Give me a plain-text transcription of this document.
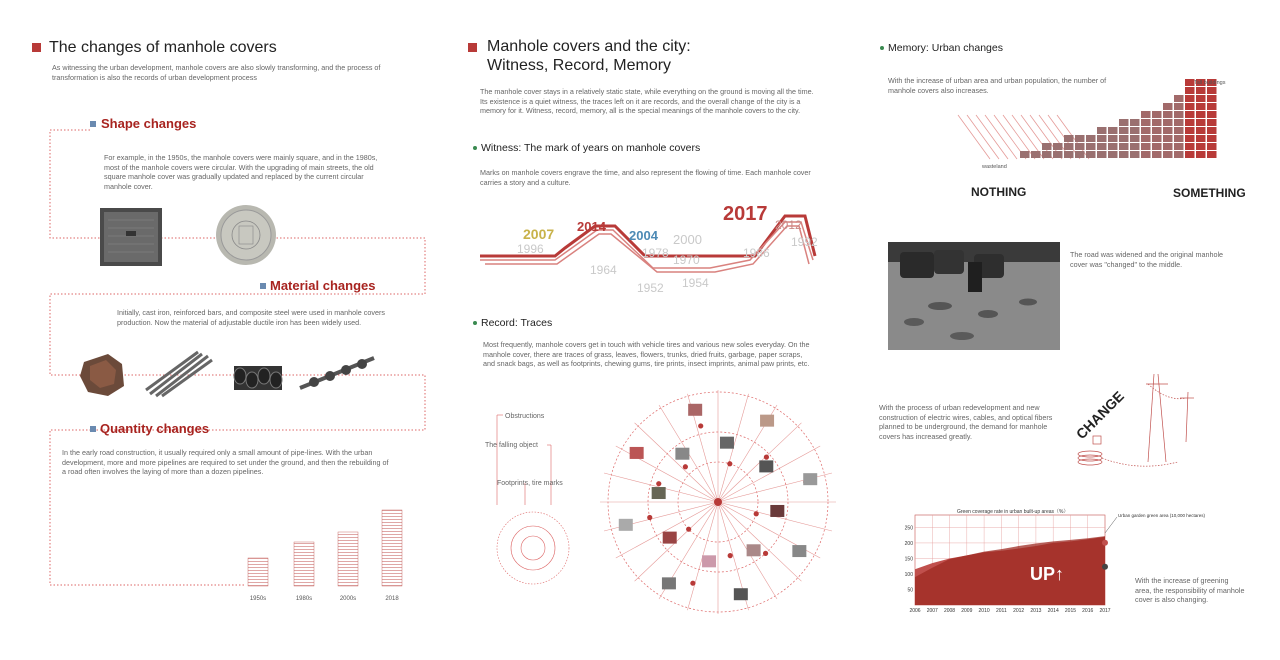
The changes of manhole covers
As witnessing the urban development, manhole covers are also slowly transforming, and the process of transformation is also the records of urban development process
Shape changes
For example, in the 1950s, the manhole covers were mainly square, and in the 1980s, most of the manhole covers were circular. With the upgrading of main streets, the old square manhole cover was gradually updated and replaced by the current circular manhole cover.
Material changes
Initially, cast iron, reinforced bars, and composite steel were used in manhole covers production. Now the material of adjustable ductile iron has been widely used.
Quantity changes
In the early road construction, it usually required only a small amount of pipe-lines. With the urban development, more and more pipelines are required to set under the ground, and then the rebuilding of a road often involves the laying of more than a dozen pipelines.
1950s	1980s	2000s	2018
Manhole covers and the city:
Witness, Record, Memory
The manhole cover stays in a relatively static state, while everything on the ground is moving all the time. Its existence is a quiet witness, the traces left on it are records, and the overall change of the city is a memory for it. Witness, record, memory, all is the special meanings of the manhole covers to the city.
Witness: The mark of years on manhole covers
Marks on manhole covers engrave the time, and also represent the flowing of time. Each manhole cover carries a story and a culture.
2007
1996
2014
1964
2004
1978
1952
2000
1970
1954
2017 2012
1986
1992
Record: Traces
Most frequently, manhole covers get in touch with vehicle tires and various new soles everyday. On the manhole cover, there are traces of grass, leaves, flowers, trunks, dried fruits, garbage, paper scraps, and snack bags, as well as footprints, chewing gums, tire prints, insect imprints, animal paw prints, etc.
Obstructions
The falling object
Footprints, tire marks
Memory: Urban changes
With the increase of urban area and urban population, the number of manhole covers also increases.
Tall buildings
wasteland
NOTHING	SOMETHING
The road was widened and the original manhole cover was "changed" to the middle.
With the process of urban redevelopment and new construction of electric wires, cables, and optical fibers planned to be underground, the demand for manhole covers has increased greatly.	CHANGE
50
100
150
200
250
2006 2007 2008 2009 2010 2011 2012 2013 2014 2015 2016 2017
Green coverage rate in urban built-up areas（%）
UP↑
Urban garden green area (10,000 hectares)
With the increase of greening area, the responsibility of manhole cover is also changing.
